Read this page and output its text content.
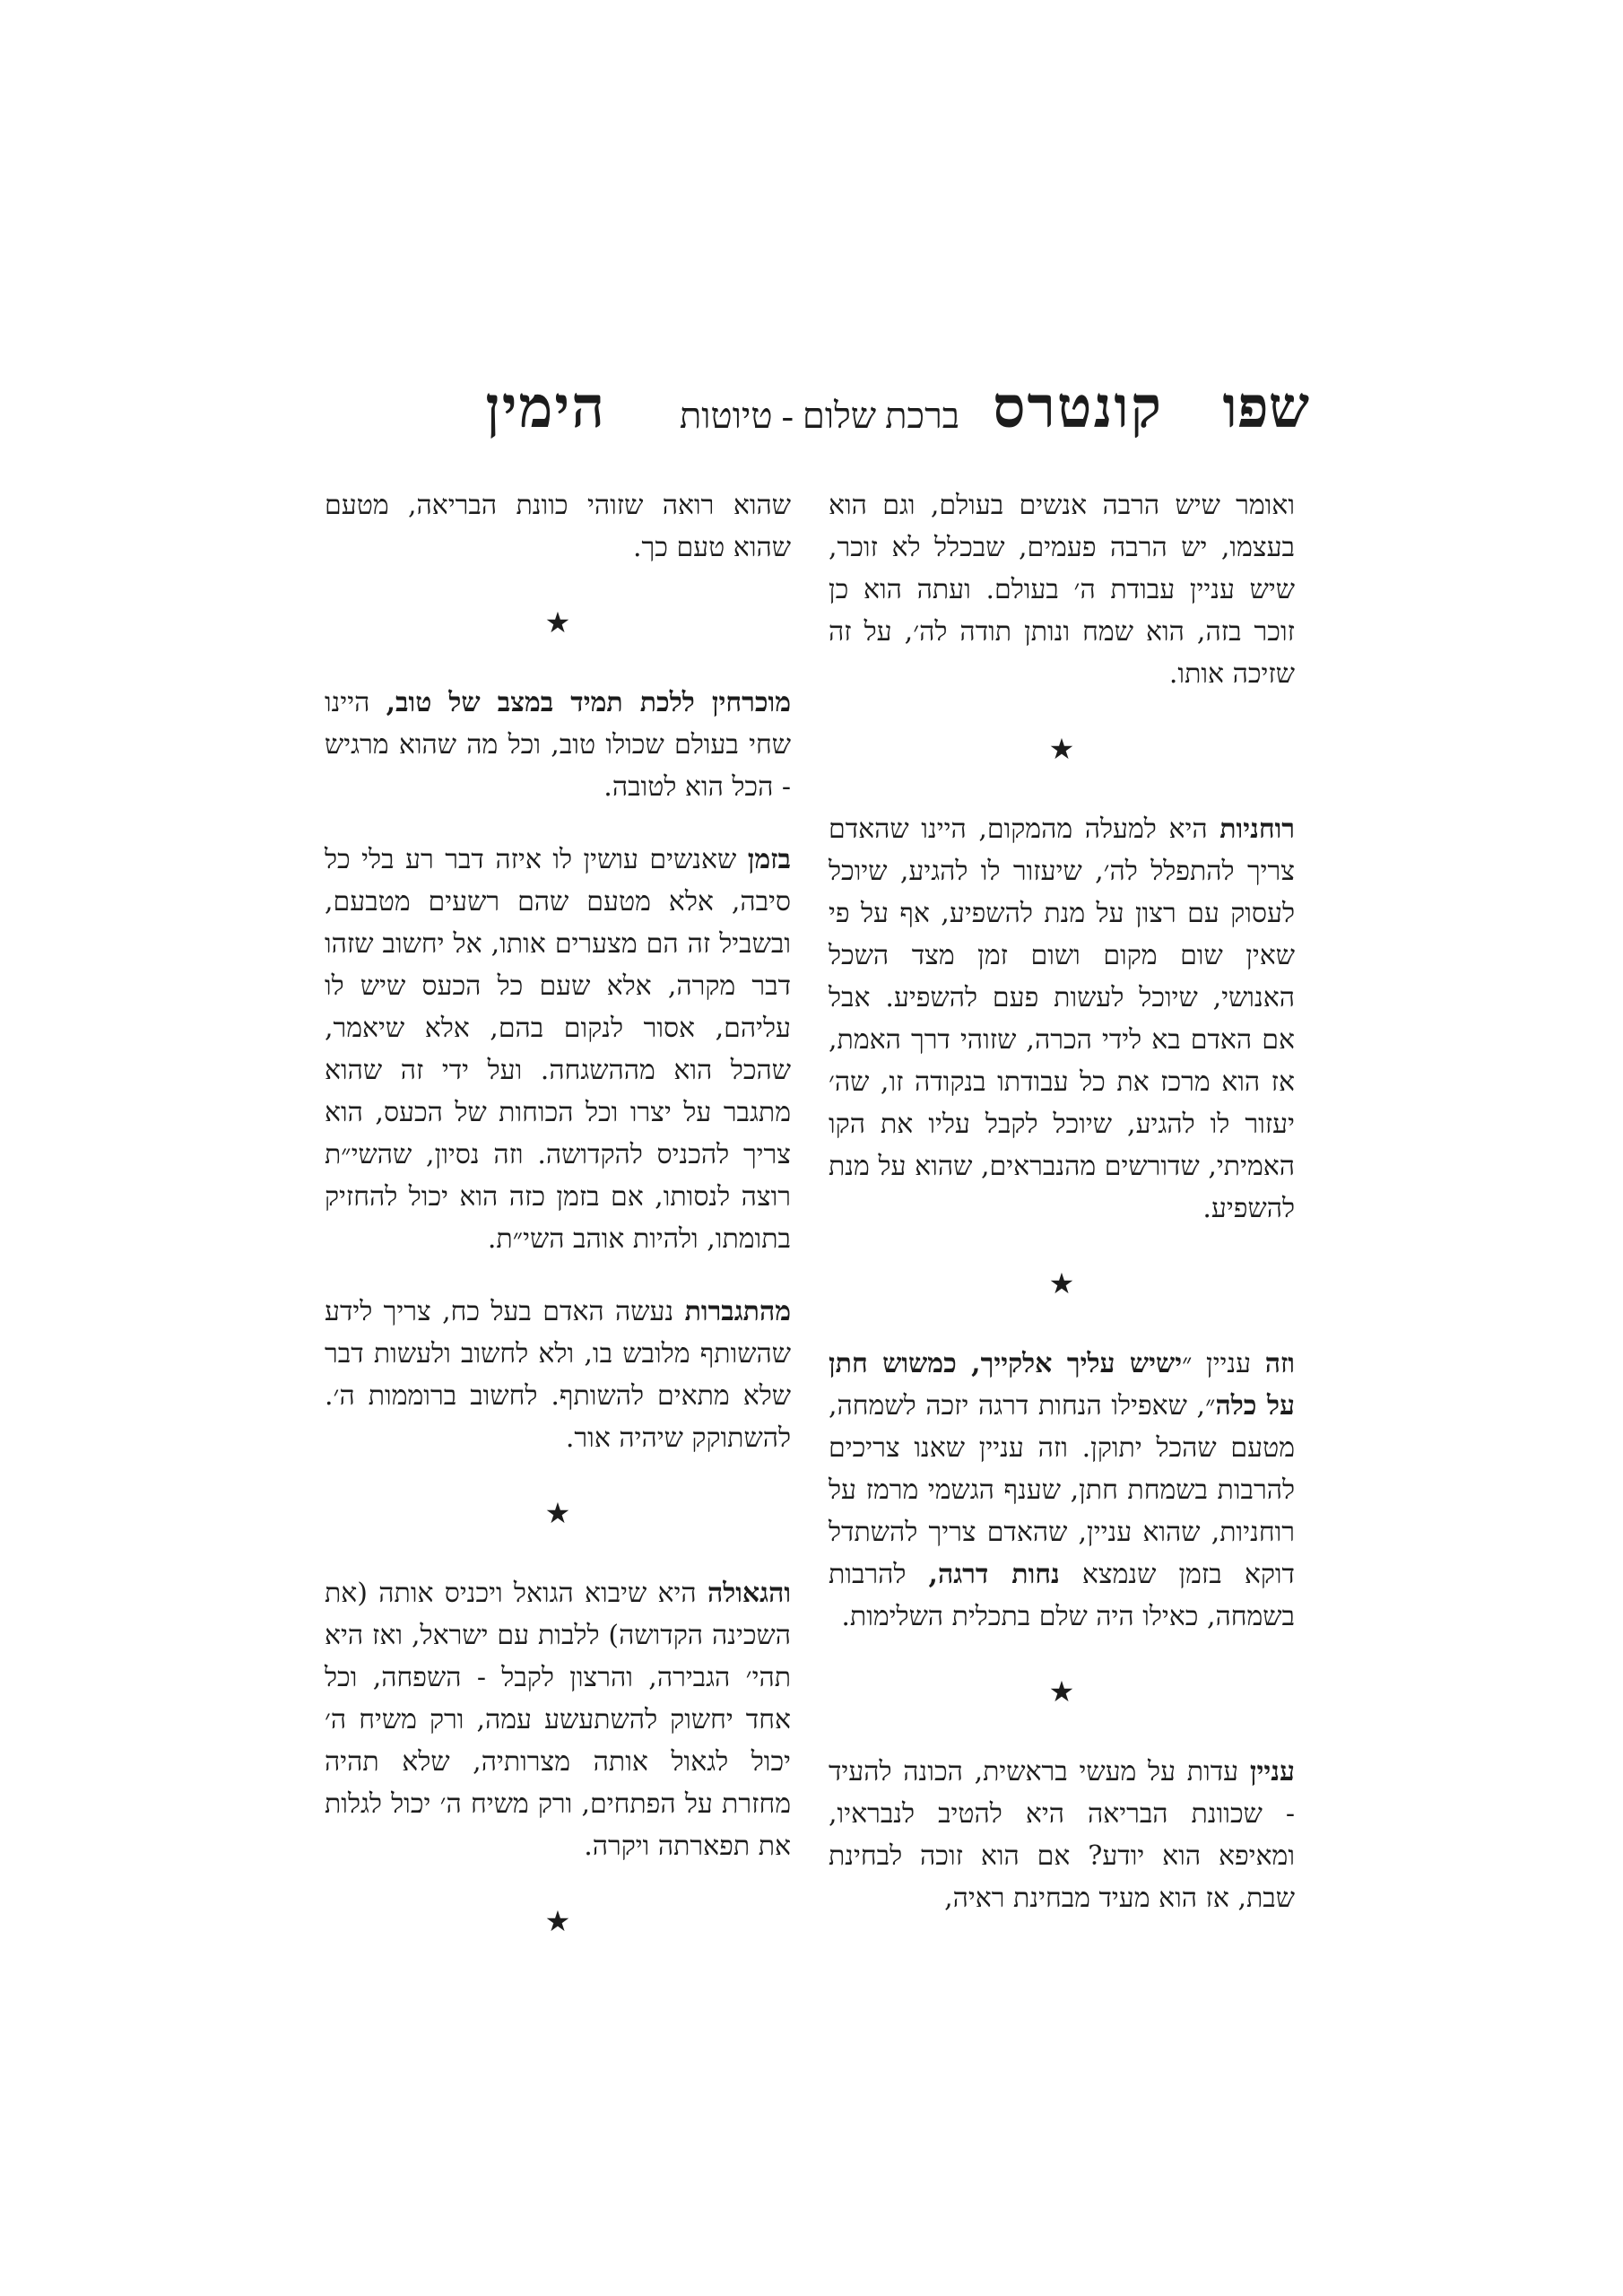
שפו
קונטרס
ברכת שלום - טיוטות
הימין

ואומר שיש הרבה אנשים בעולם, וגם הוא בעצמו, יש הרבה פעמים, שבכלל לא זוכר, שיש עניין עבודת ה׳ בעולם. ועתה הוא כן זוכר בזה, הוא שמח ונותן תודה לה׳, על זה שזיכה אותו.

★

רוחניות היא למעלה מהמקום, היינו שהאדם צריך להתפלל לה׳, שיעזור לו להגיע, שיוכל לעסוק עם רצון על מנת להשפיע, אף על פי שאין שום מקום ושום זמן מצד השכל האנושי, שיוכל לעשות פעם להשפיע. אבל אם האדם בא לידי הכרה, שזוהי דרך האמת, אז הוא מרכז את כל עבודתו בנקודה זו, שה׳ יעזור לו להגיע, שיוכל לקבל עליו את הקו האמיתי, שדורשים מהנבראים, שהוא על מנת להשפיע.

★

וזה עניין ״ישיש עליך אלקייך, כמשוש חתן על כלה״, שאפילו הנחות דרגה יזכה לשמחה, מטעם שהכל יתוקן. וזה עניין שאנו צריכים להרבות בשמחת חתן, שענף הגשמי מרמז על רוחניות, שהוא עניין, שהאדם צריך להשתדל דוקא בזמן שנמצא נחות דרגה, להרבות בשמחה, כאילו היה שלם בתכלית השלימות.

★

עניין עדות על מעשי בראשית, הכונה להעיד - שכוונת הבריאה היא להטיב לנבראיו, ומאיפא הוא יודע? אם הוא זוכה לבחינת שבת, אז הוא מעיד מבחינת ראיה,

שהוא רואה שזוהי כוונת הבריאה, מטעם שהוא טעם כך.

★

מוכרחין ללכת תמיד במצב של טוב, היינו שחי בעולם שכולו טוב, וכל מה שהוא מרגיש - הכל הוא לטובה.

בזמן שאנשים עושין לו איזה דבר רע בלי כל סיבה, אלא מטעם שהם רשעים מטבעם, ובשביל זה הם מצערים אותו, אל יחשוב שזהו דבר מקרה, אלא שעם כל הכעס שיש לו עליהם, אסור לנקום בהם, אלא שיאמר, שהכל הוא מההשגחה. ועל ידי זה שהוא מתגבר על יצרו וכל הכוחות של הכעס, הוא צריך להכניס להקדושה. וזה נסיון, שהשי״ת רוצה לנסותו, אם בזמן כזה הוא יכול להחזיק בתומתו, ולהיות אוהב השי״ת.

מהתגברות נעשה האדם בעל כח, צריך לידע שהשותף מלובש בו, ולא לחשוב ולעשות דבר שלא מתאים להשותף. לחשוב ברוממות ה׳. להשתוקק שיהיה אור.

★

והגאולה היא שיבוא הגואל ויכניס אותה (את השכינה הקדושה) ללבות עם ישראל, ואז היא תהי׳ הגבירה, והרצון לקבל - השפחה, וכל אחד יחשוק להשתעשע עמה, ורק משיח ה׳ יכול לגאול אותה מצרותיה, שלא תהיה מחזרת על הפתחים, ורק משיח ה׳ יכול לגלות את תפארתה ויקרה.

★
